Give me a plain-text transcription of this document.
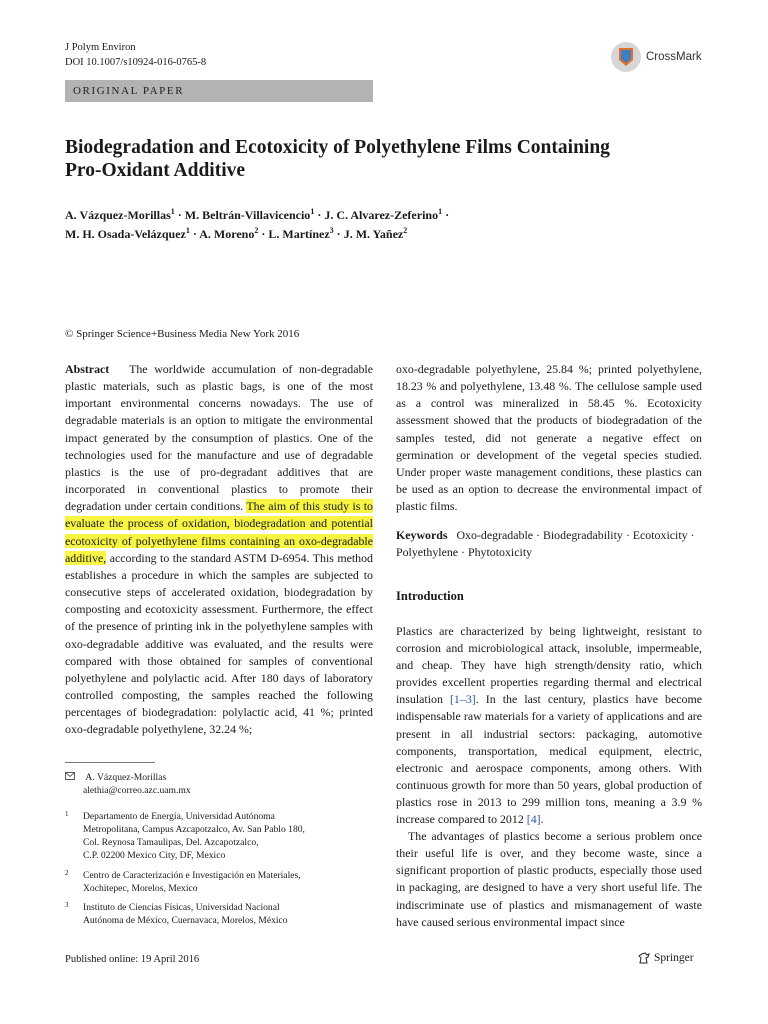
J Polym Environ
DOI 10.1007/s10924-016-0765-8	CrossMark
ORIGINAL PAPER
Biodegradation and Ecotoxicity of Polyethylene Films Containing
Pro-Oxidant Additive
A. Vázquez-Morillas$^1$ · M. Beltrán-Villavicencio$^1$ · J. C. Alvarez-Zeferino$^1$ ·
M. H. Osada-Velázquez$^1$ · A. Moreno$^2$ · L. Martínez$^3$ · J. M. Yañez$^2$
© Springer Science+Business Media New York 2016
Abstract The worldwide accumulation of non-degradable plastic materials, such as plastic bags, is one of the most important environmental concerns nowadays. The use of degradable materials is an option to mitigate the environmental impact generated by the consumption of plastics. One of the technologies used for the manufacture and use of degradable plastics is the use of pro-degradant additives that are incorporated in conventional plastics to promote their degradation under certain conditions. The aim of this study is to evaluate the process of oxidation, biodegradation and potential ecotoxicity of polyethylene films containing an oxo-degradable additive, according to the standard ASTM D-6954. This method establishes a procedure in which the samples are subjected to consecutive steps of accelerated oxidation, biodegradation by composting and ecotoxicity assessment. Furthermore, the effect of the presence of printing ink in the polyethylene samples with oxo-degradable additive was evaluated, and the results were compared with those obtained for samples of conventional polyethylene and polylactic acid. After 180 days of laboratory controlled composting, the samples reached the following percentages of biodegradation: polylactic acid, 41 %; printed oxo-degradable polyethylene, 32.24 %;
oxo-degradable polyethylene, 25.84 %; printed polyethylene, 18.23 % and polyethylene, 13.48 %. The cellulose sample used as a control was mineralized in 58.45 %. Ecotoxicity assessment showed that the products of biodegradation of the samples tested, did not generate a negative effect on germination or development of the vegetal species studied. Under proper waste management conditions, these plastics can be used as an option to decrease the environmental impact of plastic films.
Keywords Oxo-degradable · Biodegradability · Ecotoxicity · Polyethylene · Phytotoxicity
Introduction

Plastics are characterized by being lightweight, resistant to corrosion and microbiological attack, insoluble, impermeable, and cheap. They have high strength/density ratio, which provides excellent properties regarding thermal and electrical insulation [1–3]. In the last century, plastics have become indispensable raw materials for a variety of applications and are present in all industrial sectors: packaging, automotive components, transportation, medical equipment, electric, electronic and aerospace components, among others. With continuous growth for more than 50 years, global production of plastics rose in 2013 to 299 million tons, meaning a 3.9 % increase compared to 2012 [4].

The advantages of plastics become a serious problem once their useful life is over, and they become waste, since a significant proportion of plastic products, especially those used in packaging, are designed to have a very short useful life. The indiscriminate use of plastics and mismanagement of waste have caused serious environmental impact since

A. Vázquez-Morillas
alethia@correo.azc.uam.mx
1 Departamento de Energía, Universidad Autónoma
Metropolitana, Campus Azcapotzalco, Av. San Pablo 180,
Col. Reynosa Tamaulipas, Del. Azcapotzalco,
C.P. 02200 Mexico City, DF, Mexico
2 Centro de Caracterización e Investigación en Materiales,
Xochitepec, Morelos, Mexico
3 Instituto de Ciencias Físicas, Universidad Nacional
Autónoma de México, Cuernavaca, Morelos, México
Published online: 19 April 2016	Springer
